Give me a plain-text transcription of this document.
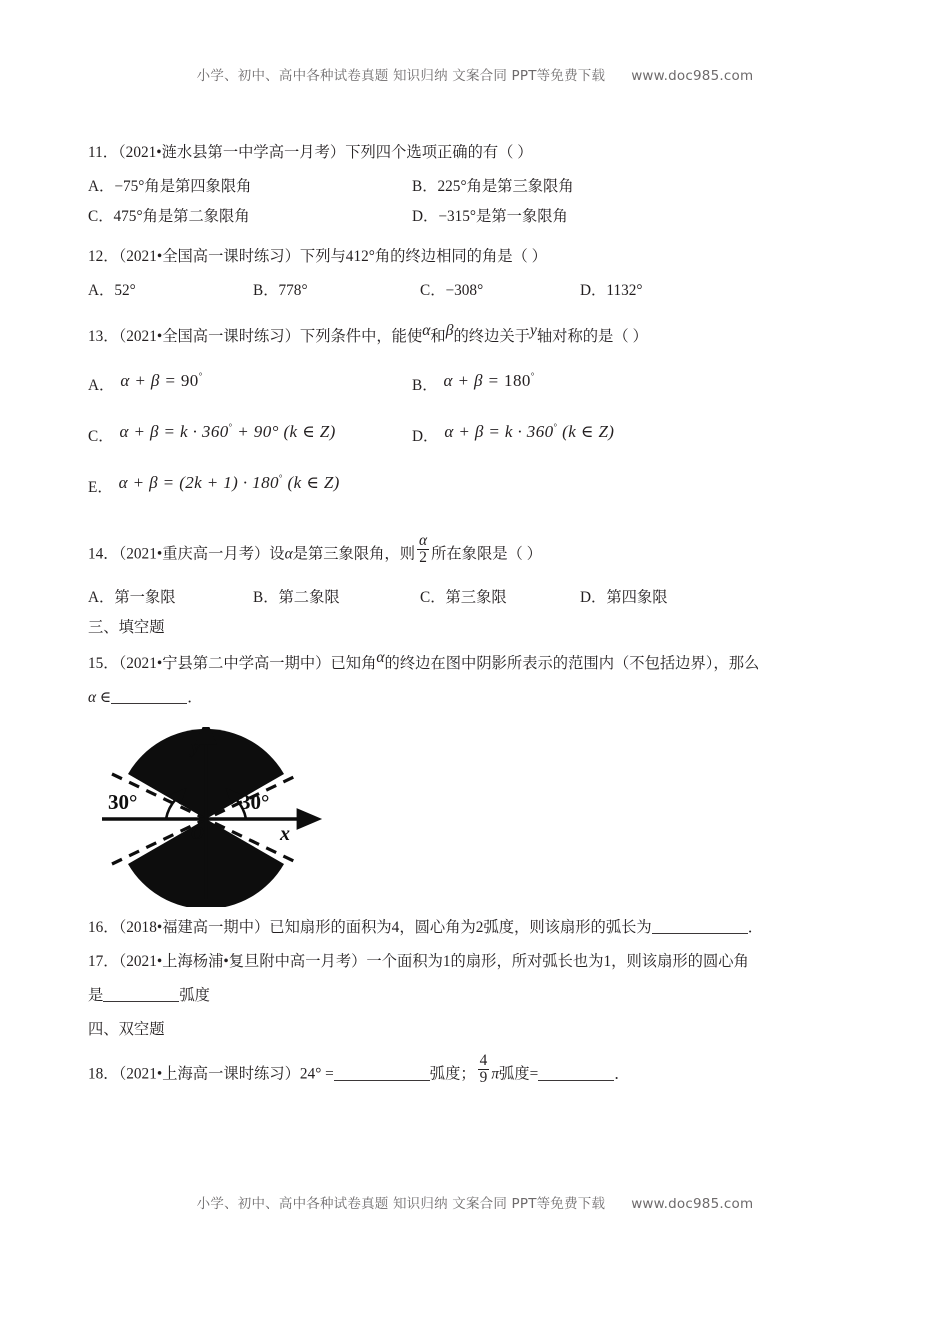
小学、初中、高中各种试卷真题 知识归纳 文案合同 PPT等免费下载 www.doc985.com

11．（2021•涟水县第一中学高一月考）下列四个选项正确的有（ ）

A．−75°角是第四象限角	B．225°角是第三象限角
C．475°角是第二象限角	D．−315°是第一象限角

12．（2021•全国高一课时练习）下列与412°角的终边相同的角是（ ）

A．52°	B．778°	C．−308°	D．1132°

13．（2021•全国高一课时练习）下列条件中，能使α和β的终边关于y轴对称的是（ ）

A． α + β = 90°
B． α + β = 180°
C． α + β = k · 360° + 90° (k ∈ Z)	D． α + β = k · 360° (k ∈ Z)
E． α + β = (2k + 1) · 180° (k ∈ Z)

14．（2021•重庆高一月考）设α是第三象限角，则 $\frac{\alpha}{2}$ 所在象限是（ ）

A．第一象限	B．第二象限	C．第三象限	D．第四象限

三、填空题

15．（2021•宁县第二中学高一期中）已知角α的终边在图中阴影所表示的范围内（不包括边界），那么

α ∈	．

y
x
O
30°	30°

16．（2018•福建高一期中）已知扇形的面积为4，圆心角为2弧度，则该扇形的弧长为	．

17．（2021•上海杨浦•复旦附中高一月考）一个面积为1的扇形，所对弧长也为1，则该扇形的圆心角

是	弧度

四、双空题

18．（2021•上海高一课时练习）24° =	弧度； $\frac{4}{9}$ π弧度=	．

小学、初中、高中各种试卷真题 知识归纳 文案合同 PPT等免费下载 www.doc985.com
